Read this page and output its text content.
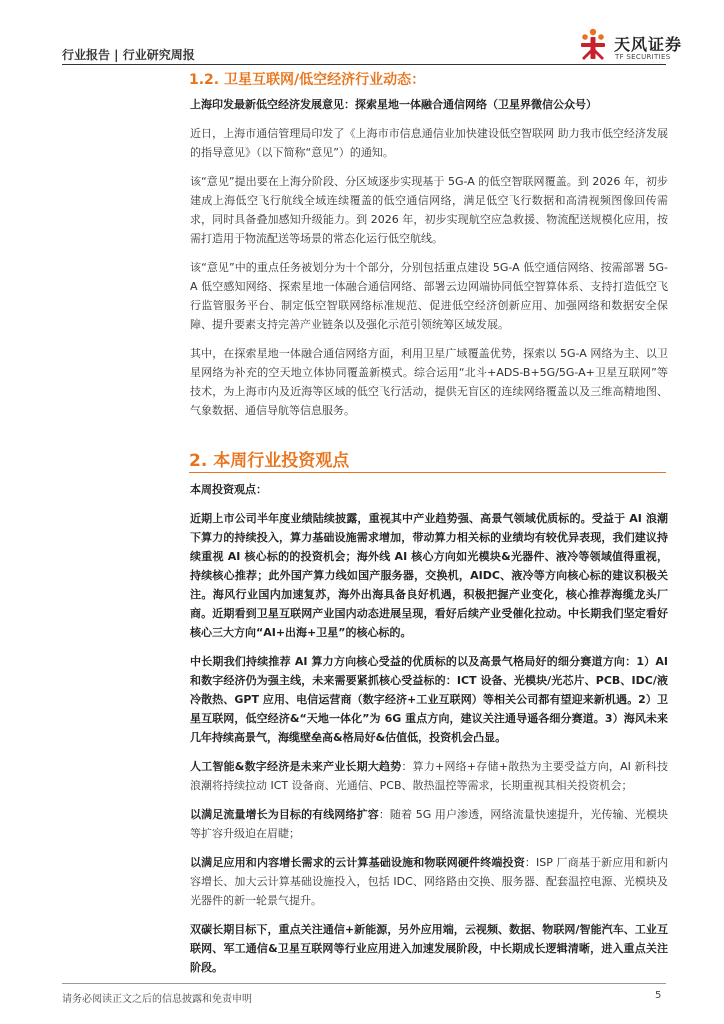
行业报告 | 行业研究周报
天风证券
TF SECURITIES
1.2. 卫星互联网/低空经济行业动态：

上海印发最新低空经济发展意见：探索星地一体融合通信网络（卫星界微信公众号）

近日，上海市通信管理局印发了《上海市市信息通信业加快建设低空智联网 助力我市低空经济发展的指导意见》（以下简称“意见”）的通知。

该“意见”提出要在上海分阶段、分区域逐步实现基于 5G-A 的低空智联网覆盖。到 2026 年，初步建成上海低空飞行航线全域连续覆盖的低空通信网络，满足低空飞行数据和高清视频图像回传需求，同时具备叠加感知升级能力。到 2026 年，初步实现航空应急救援、物流配送规模化应用，按需打造用于物流配送等场景的常态化运行低空航线。

该“意见”中的重点任务被划分为十个部分，分别包括重点建设 5G-A 低空通信网络、按需部署 5G-A 低空感知网络、探索星地一体融合通信网络、部署云边网端协同低空智算体系、支持打造低空飞行监管服务平台、制定低空智联网络标准规范、促进低空经济创新应用、加强网络和数据安全保障、提升要素支持完善产业链条以及强化示范引领统筹区域发展。

其中，在探索星地一体融合通信网络方面，利用卫星广域覆盖优势，探索以 5G-A 网络为主、以卫星网络为补充的空天地立体协同覆盖新模式。综合运用“北斗+ADS-B+5G/5G-A+卫星互联网”等技术，为上海市内及近海等区域的低空飞行活动，提供无盲区的连续网络覆盖以及三维高精地图、气象数据、通信导航等信息服务。

2. 本周行业投资观点

本周投资观点：

近期上市公司半年度业绩陆续披露，重视其中产业趋势强、高景气领域优质标的。受益于 AI 浪潮下算力的持续投入，算力基础设施需求增加，带动算力相关标的业绩均有较优异表现，我们建议持续重视 AI 核心标的的投资机会；海外线 AI 核心方向如光模块&光器件、液冷等领域值得重视，持续核心推荐；此外国产算力线如国产服务器，交换机，AIDC、液冷等方向核心标的建议积极关注。海风行业国内加速复苏，海外出海具备良好机遇，积极把握产业变化，核心推荐海缆龙头厂商。近期看到卫星互联网产业国内动态进展呈现，看好后续产业受催化拉动。中长期我们坚定看好核心三大方向“AI+出海+卫星”的核心标的。

中长期我们持续推荐 AI 算力方向核心受益的优质标的以及高景气格局好的细分赛道方向：1）AI 和数字经济仍为强主线，未来需要紧抓核心受益标的：ICT 设备、光模块/光芯片、PCB、IDC/液冷散热、GPT 应用、电信运营商（数字经济+工业互联网）等相关公司都有望迎来新机遇。2）卫星互联网，低空经济&“天地一体化”为 6G 重点方向，建议关注通导遥各细分赛道。3）海风未来几年持续高景气，海缆壁垒高&格局好&估值低，投资机会凸显。

人工智能&数字经济是未来产业长期大趋势：算力+网络+存储+散热为主要受益方向，AI 新科技浪潮将持续拉动 ICT 设备商、光通信、PCB、散热温控等需求，长期重视其相关投资机会；

以满足流量增长为目标的有线网络扩容：随着 5G 用户渗透，网络流量快速提升，光传输、光模块等扩容升级迫在眉睫；

以满足应用和内容增长需求的云计算基础设施和物联网硬件终端投资：ISP 厂商基于新应用和新内容增长、加大云计算基础设施投入，包括 IDC、网络路由交换、服务器、配套温控电源、光模块及光器件的新一轮景气提升。

双碳长期目标下，重点关注通信+新能源，另外应用端，云视频、数据、物联网/智能汽车、工业互联网、军工通信&卫星互联网等行业应用进入加速发展阶段，中长期成长逻辑清晰，进入重点关注阶段。

请务必阅读正文之后的信息披露和免责申明	5
